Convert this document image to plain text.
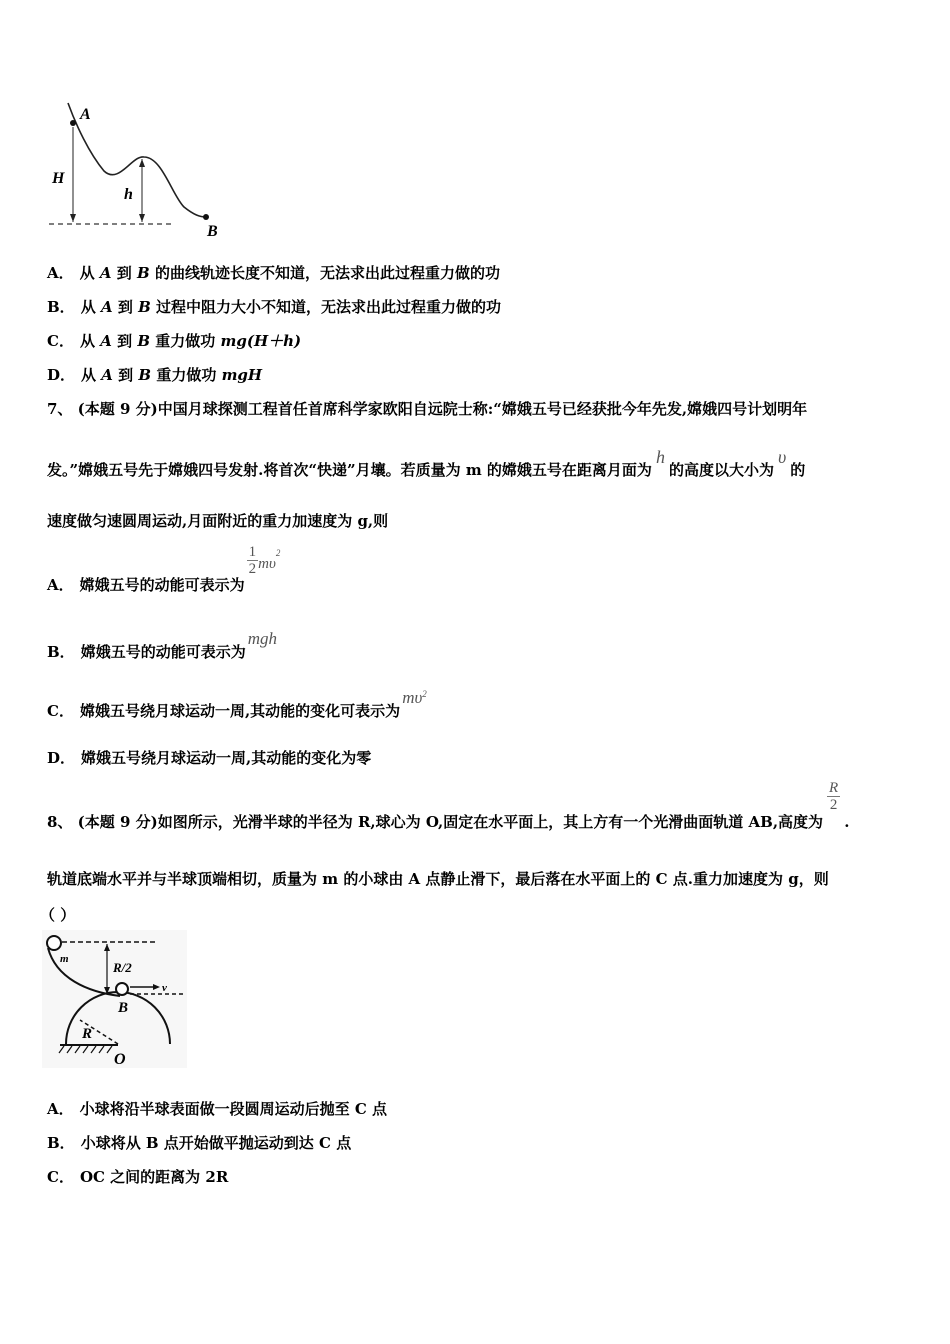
A
H
h
B
A． 从 A 到 B 的曲线轨迹长度不知道，无法求出此过程重力做的功
B． 从 A 到 B 过程中阻力大小不知道，无法求出此过程重力做的功
C． 从 A 到 B 重力做功 mg(H＋h)
D． 从 A 到 B 重力做功 mgH
7、 (本题 9 分)中国月球探测工程首任首席科学家欧阳自远院士称:“嫦娥五号已经获批今年先发,嫦娥四号计划明年
发。”嫦娥五号先于嫦娥四号发射.将首次“快递”月壤。若质量为 m 的嫦娥五号在距离月面为h的高度以大小为υ的
速度做匀速圆周运动,月面附近的重力加速度为 g,则
A． 嫦娥五号的动能可表示为
$\frac{1}{2} m\upsilon^2$
B． 嫦娥五号的动能可表示为mgh
C． 嫦娥五号绕月球运动一周,其动能的变化可表示为$m\upsilon^2$
D． 嫦娥五号绕月球运动一周,其动能的变化为零
8、 (本题 9 分)如图所示，光滑半球的半径为 R,球心为 O,固定在水平面上，其上方有一个光滑曲面轨道 AB,高度为
$\frac{R}{2}$
.
轨道底端水平并与半球顶端相切，质量为 m 的小球由 A 点静止滑下，最后落在水平面上的 C 点.重力加速度为 g，则
（ ）
m
R/2
v
B
R
O
A． 小球将沿半球表面做一段圆周运动后抛至 C 点
B． 小球将从 B 点开始做平抛运动到达 C 点
C． OC 之间的距离为 2R
